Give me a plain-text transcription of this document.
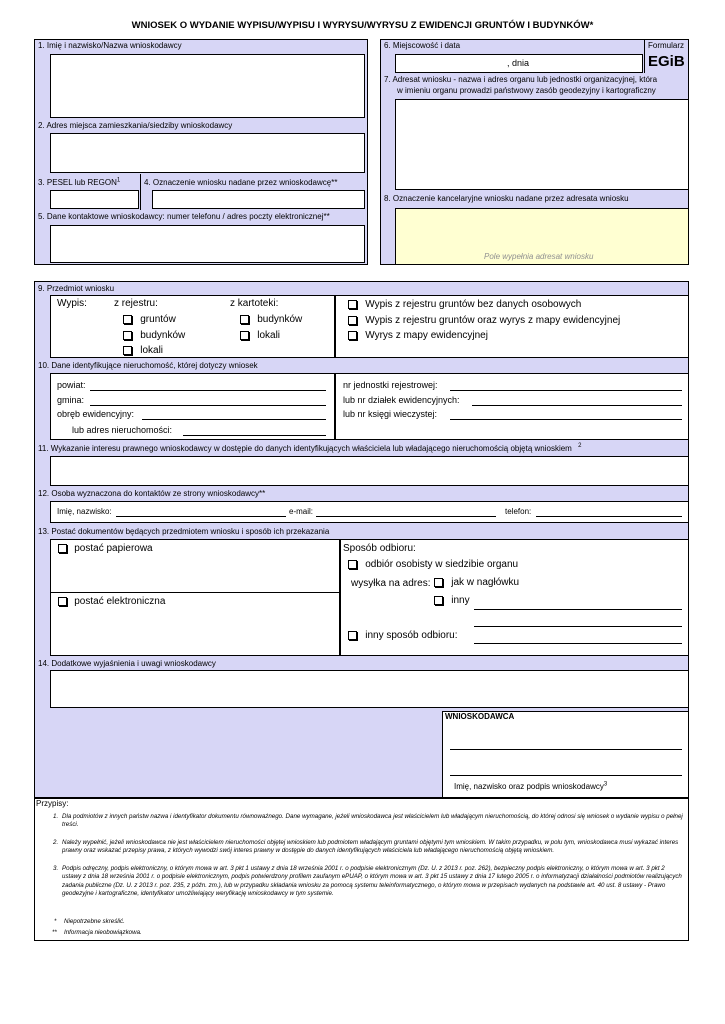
WNIOSEK O WYDANIE WYPISU/WYPISU I WYRYSU/WYRYSU Z EWIDENCJI GRUNTÓW I BUDYNKÓW*
1. Imię i nazwisko/Nazwa wnioskodawcy
2. Adres miejsca zamieszkania/siedziby wnioskodawcy
3. PESEL lub REGON$^1$	4. Oznaczenie wniosku nadane przez wnioskodawcę**
5. Dane kontaktowe wnioskodawcy: numer telefonu / adres poczty elektronicznej**
6. Miejscowość i data	Formularz
, dnia	EGiB
7. Adresat wniosku - nazwa i adres organu lub jednostki organizacyjnej, która
w imieniu organu prowadzi państwowy zasób geodezyjny i kartograficzny
8. Oznaczenie kancelaryjne wniosku nadane przez adresata wniosku
Pole wypełnia adresat wniosku
9. Przedmiot wniosku
Wypis:	z rejestru:	z kartoteki:
gruntów
budynków
lokali
budynków
lokali
Wypis z rejestru gruntów bez danych osobowych
Wypis z rejestru gruntów oraz wyrys z mapy ewidencyjnej
Wyrys z mapy ewidencyjnej
10. Dane identyfikujące nieruchomość, której dotyczy wniosek
powiat:
gmina:
obręb ewidencyjny:
lub adres nieruchomości:
nr jednostki rejestrowej:
lub nr działek ewidencyjnych:
lub nr księgi wieczystej:
11. Wykazanie interesu prawnego wnioskodawcy w dostępie do danych identyfikujących właściciela lub władającego nieruchomością objętą wnioskiem $^2$
12. Osoba wyznaczona do kontaktów ze strony wnioskodawcy**
Imię, nazwisko:	e-mail:	telefon:
13. Postać dokumentów będących przedmiotem wniosku i sposób ich przekazania
postać papierowa
postać elektroniczna
Sposób odbioru:
odbiór osobisty w siedzibie organu
wysyłka na adres:	jak w nagłówku
inny
inny sposób odbioru:
14. Dodatkowe wyjaśnienia i uwagi wnioskodawcy
WNIOSKODAWCA
Imię, nazwisko oraz podpis wnioskodawcy$^3$
Przypisy:
1. Dla podmiotów z innych państw nazwa i identyfikator dokumentu równoważnego. Dane wymagane, jeżeli wnioskodawca jest właścicielem lub władającym nieruchomością, do której odnosi się wniosek o wydanie wypisu o pełnej treści.
2. Należy wypełnić, jeżeli wnioskodawca nie jest właścicielem nieruchomości objętej wnioskiem lub podmiotem władającym gruntami objętymi tym wnioskiem. W takim przypadku, w polu tym, wnioskodawca musi wykazać interes prawny oraz wskazać przepisy prawa, z których wywodzi swój interes prawny w dostępie do danych identyfikujących właściciela lub władającego nieruchomością objętą wnioskiem.
3. Podpis odręczny, podpis elektroniczny, o którym mowa w art. 3 pkt 1 ustawy z dnia 18 września 2001 r. o podpisie elektronicznym (Dz. U. z 2013 r. poz. 262), bezpieczny podpis elektroniczny, o którym mowa w art. 3 pkt 2 ustawy z dnia 18 września 2001 r. o podpisie elektronicznym, podpis potwierdzony profilem zaufanym ePUAP, o którym mowa w art. 3 pkt 15 ustawy z dnia 17 lutego 2005 r. o informatyzacji działalności podmiotów realizujących zadania publiczne (Dz. U. z 2013 r. poz. 235, z późn. zm.), lub w przypadku składania wniosku za pomocą systemu teleinformatycznego, o którym mowa w przepisach wydanych na podstawie art. 40 ust. 8 ustawy - Prawo geodezyjne i kartograficzne, identyfikator umożliwiający weryfikację wnioskodawcy w tym systemie.
* Niepotrzebne skreślić.
** Informacja nieobowiązkowa.
